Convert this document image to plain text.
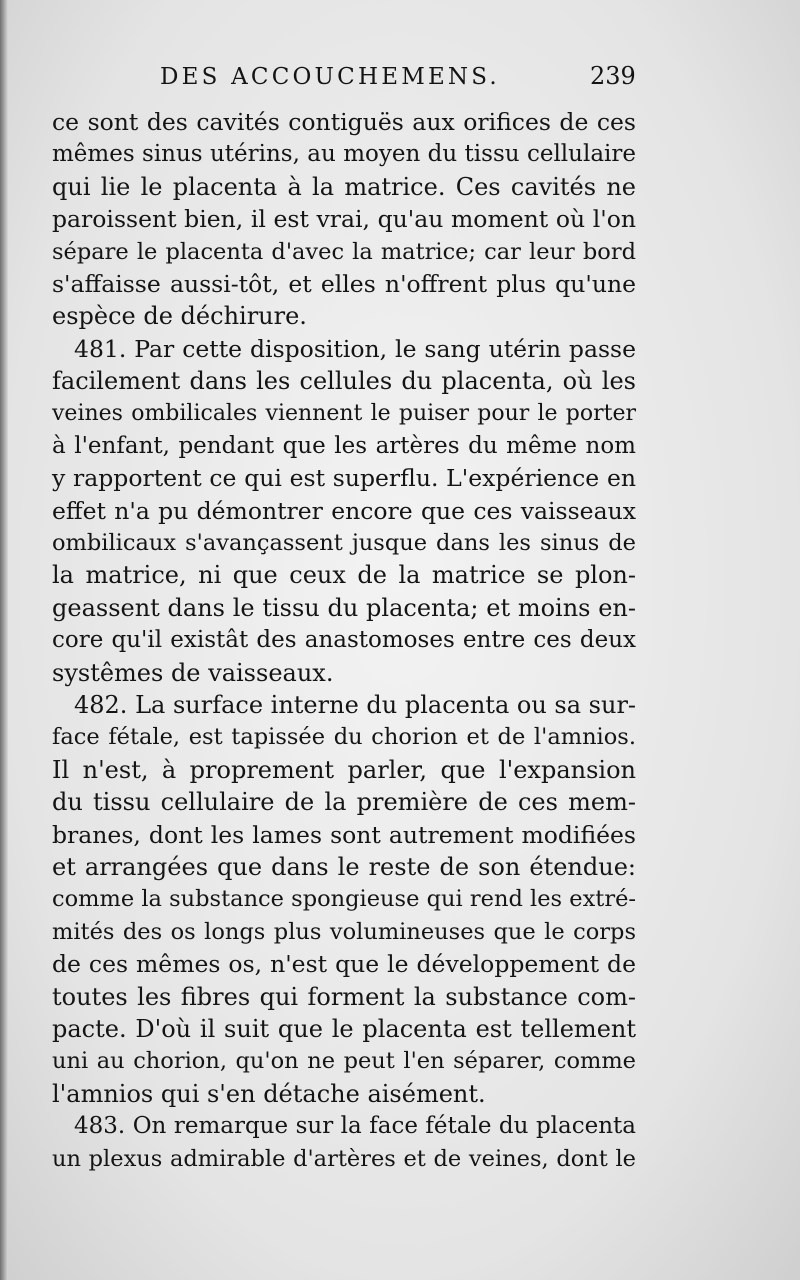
DES ACCOUCHEMENS.	239
ce sont des cavités contiguës aux orifices de ces
mêmes sinus utérins, au moyen du tissu cellulaire
qui lie le placenta à la matrice. Ces cavités ne
paroissent bien, il est vrai, qu'au moment où l'on
sépare le placenta d'avec la matrice; car leur bord
s'affaisse aussi-tôt, et elles n'offrent plus qu'une
espèce de déchirure.
481. Par cette disposition, le sang utérin passe
facilement dans les cellules du placenta, où les
veines ombilicales viennent le puiser pour le porter
à l'enfant, pendant que les artères du même nom
y rapportent ce qui est superflu. L'expérience en
effet n'a pu démontrer encore que ces vaisseaux
ombilicaux s'avançassent jusque dans les sinus de
la matrice, ni que ceux de la matrice se plon-
geassent dans le tissu du placenta; et moins en-
core qu'il existât des anastomoses entre ces deux
systêmes de vaisseaux.
482. La surface interne du placenta ou sa sur-
face fétale, est tapissée du chorion et de l'amnios.
Il n'est, à proprement parler, que l'expansion
du tissu cellulaire de la première de ces mem-
branes, dont les lames sont autrement modifiées
et arrangées que dans le reste de son étendue:
comme la substance spongieuse qui rend les extré-
mités des os longs plus volumineuses que le corps
de ces mêmes os, n'est que le développement de
toutes les fibres qui forment la substance com-
pacte. D'où il suit que le placenta est tellement
uni au chorion, qu'on ne peut l'en séparer, comme
l'amnios qui s'en détache aisément.
483. On remarque sur la face fétale du placenta
un plexus admirable d'artères et de veines, dont le
